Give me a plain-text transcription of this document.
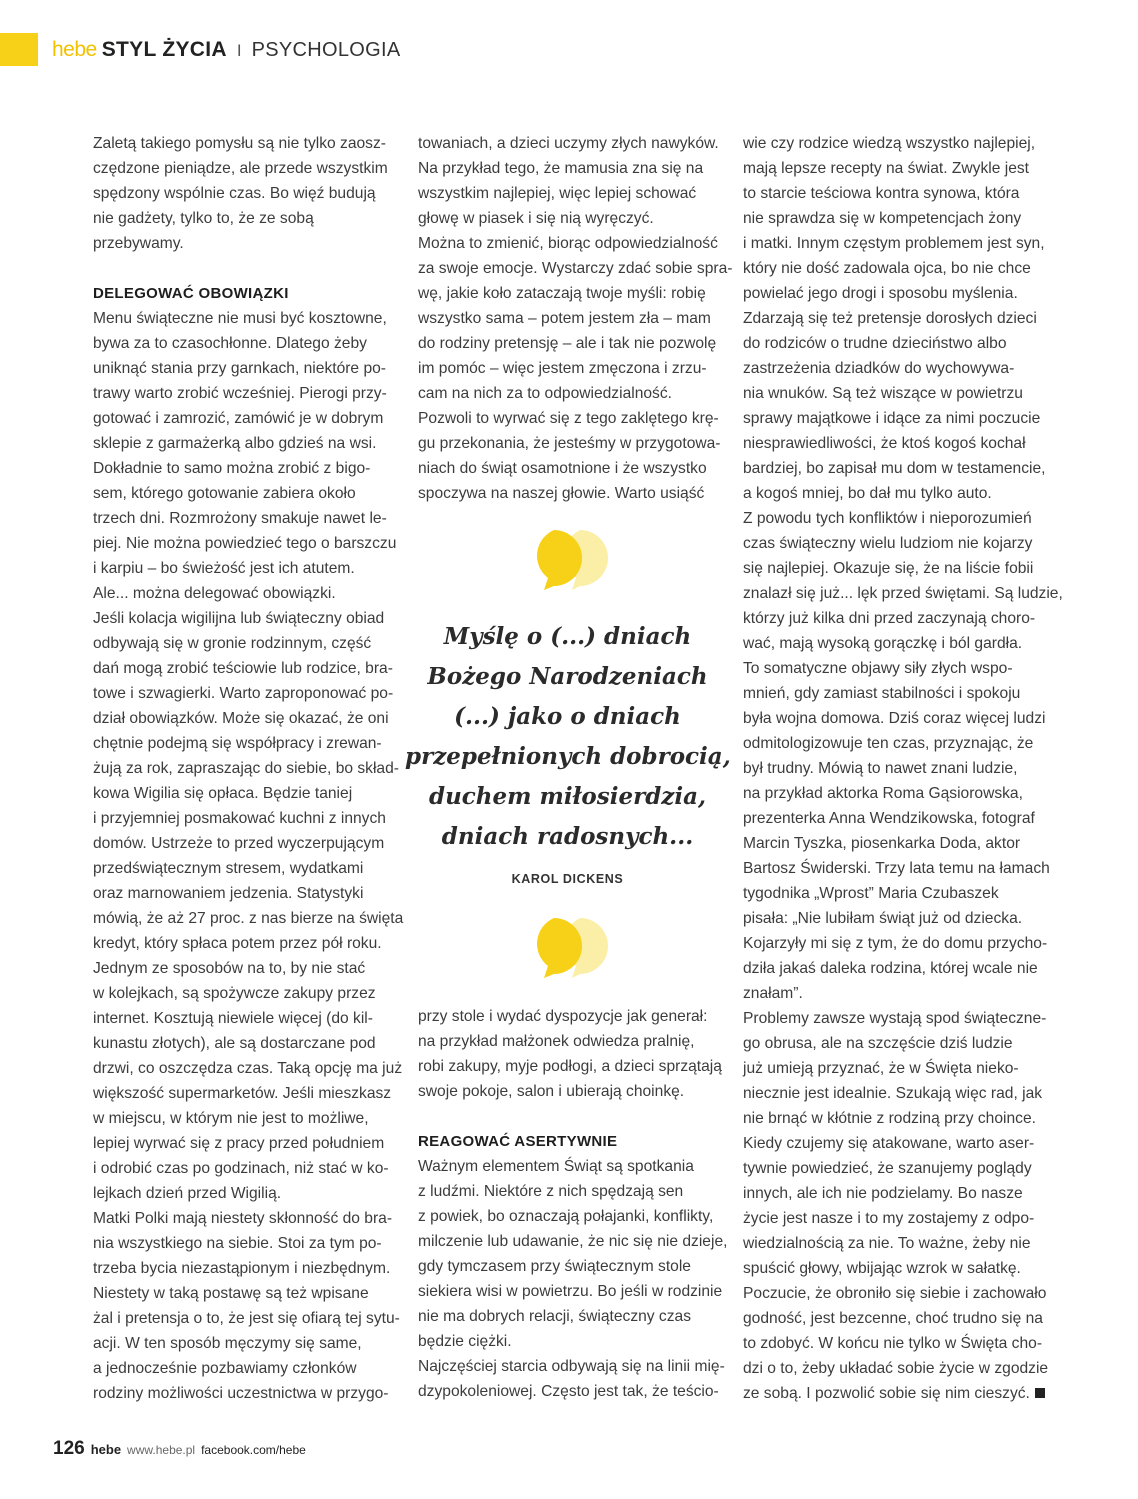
hebe STYL ŻYCIA I PSYCHOLOGIA

Zaletą takiego pomysłu są nie tylko zaosz-

czędzone pieniądze, ale przede wszystkim

spędzony wspólnie czas. Bo więź budują

nie gadżety, tylko to, że ze sobą

przebywamy.

DELEGOWAĆ OBOWIĄZKI

Menu świąteczne nie musi być kosztowne,

bywa za to czasochłonne. Dlatego żeby

uniknąć stania przy garnkach, niektóre po-

trawy warto zrobić wcześniej. Pierogi przy-

gotować i zamrozić, zamówić je w dobrym

sklepie z garmażerką albo gdzieś na wsi.

Dokładnie to samo można zrobić z bigo-

sem, którego gotowanie zabiera około

trzech dni. Rozmrożony smakuje nawet le-

piej. Nie można powiedzieć tego o barszczu

i karpiu – bo świeżość jest ich atutem.

Ale... można delegować obowiązki.

Jeśli kolacja wigilijna lub świąteczny obiad

odbywają się w gronie rodzinnym, część

dań mogą zrobić teściowie lub rodzice, bra-

towe i szwagierki. Warto zaproponować po-

dział obowiązków. Może się okazać, że oni

chętnie podejmą się współpracy i zrewan-

żują za rok, zapraszając do siebie, bo skład-

kowa Wigilia się opłaca. Będzie taniej

i przyjemniej posmakować kuchni z innych

domów. Ustrzeże to przed wyczerpującym

przedświątecznym stresem, wydatkami

oraz marnowaniem jedzenia. Statystyki

mówią, że aż 27 proc. z nas bierze na święta

kredyt, który spłaca potem przez pół roku.

Jednym ze sposobów na to, by nie stać

w kolejkach, są spożywcze zakupy przez

internet. Kosztują niewiele więcej (do kil-

kunastu złotych), ale są dostarczane pod

drzwi, co oszczędza czas. Taką opcję ma już

większość supermarketów. Jeśli mieszkasz

w miejscu, w którym nie jest to możliwe,

lepiej wyrwać się z pracy przed południem

i odrobić czas po godzinach, niż stać w ko-

lejkach dzień przed Wigilią.

Matki Polki mają niestety skłonność do bra-

nia wszystkiego na siebie. Stoi za tym po-

trzeba bycia niezastąpionym i niezbędnym.

Niestety w taką postawę są też wpisane

żal i pretensja o to, że jest się ofiarą tej sytu-

acji. W ten sposób męczymy się same,

a jednocześnie pozbawiamy członków

rodziny możliwości uczestnictwa w przygo-

towaniach, a dzieci uczymy złych nawyków.

Na przykład tego, że mamusia zna się na

wszystkim najlepiej, więc lepiej schować

głowę w piasek i się nią wyręczyć.

Można to zmienić, biorąc odpowiedzialność

za swoje emocje. Wystarczy zdać sobie spra-

wę, jakie koło zataczają twoje myśli: robię

wszystko sama – potem jestem zła – mam

do rodziny pretensję – ale i tak nie pozwolę

im pomóc – więc jestem zmęczona i zrzu-

cam na nich za to odpowiedzialność.

Pozwoli to wyrwać się z tego zaklętego krę-

gu przekonania, że jesteśmy w przygotowa-

niach do świąt osamotnione i że wszystko

spoczywa na naszej głowie. Warto usiąść

Myślę o (...) dniach
Bożego Narodzeniach
(...) jako o dniach
przepełnionych dobrocią,
duchem miłosierdzia,
dniach radosnych...
KAROL DICKENS

przy stole i wydać dyspozycje jak generał:

na przykład małżonek odwiedza pralnię,

robi zakupy, myje podłogi, a dzieci sprzątają

swoje pokoje, salon i ubierają choinkę.

REAGOWAĆ ASERTYWNIE

Ważnym elementem Świąt są spotkania

z ludźmi. Niektóre z nich spędzają sen

z powiek, bo oznaczają połajanki, konflikty,

milczenie lub udawanie, że nic się nie dzieje,

gdy tymczasem przy świątecznym stole

siekiera wisi w powietrzu. Bo jeśli w rodzinie

nie ma dobrych relacji, świąteczny czas

będzie ciężki.

Najczęściej starcia odbywają się na linii mię-

dzypokoleniowej. Często jest tak, że teścio-

wie czy rodzice wiedzą wszystko najlepiej,

mają lepsze recepty na świat. Zwykle jest

to starcie teściowa kontra synowa, która

nie sprawdza się w kompetencjach żony

i matki. Innym częstym problemem jest syn,

który nie dość zadowala ojca, bo nie chce

powielać jego drogi i sposobu myślenia.

Zdarzają się też pretensje dorosłych dzieci

do rodziców o trudne dzieciństwo albo

zastrzeżenia dziadków do wychowywa-

nia wnuków. Są też wiszące w powietrzu

sprawy majątkowe i idące za nimi poczucie

niesprawiedliwości, że ktoś kogoś kochał

bardziej, bo zapisał mu dom w testamencie,

a kogoś mniej, bo dał mu tylko auto.

Z powodu tych konfliktów i nieporozumień

czas świąteczny wielu ludziom nie kojarzy

się najlepiej. Okazuje się, że na liście fobii

znalazł się już... lęk przed świętami. Są ludzie,

którzy już kilka dni przed zaczynają choro-

wać, mają wysoką gorączkę i ból gardła.

To somatyczne objawy siły złych wspo-

mnień, gdy zamiast stabilności i spokoju

była wojna domowa. Dziś coraz więcej ludzi

odmitologizowuje ten czas, przyznając, że

był trudny. Mówią to nawet znani ludzie,

na przykład aktorka Roma Gąsiorowska,

prezenterka Anna Wendzikowska, fotograf

Marcin Tyszka, piosenkarka Doda, aktor

Bartosz Świderski. Trzy lata temu na łamach

tygodnika „Wprost” Maria Czubaszek

pisała: „Nie lubiłam świąt już od dziecka.

Kojarzyły mi się z tym, że do domu przycho-

dziła jakaś daleka rodzina, której wcale nie

znałam”.

Problemy zawsze wystają spod świąteczne-

go obrusa, ale na szczęście dziś ludzie

już umieją przyznać, że w Święta nieko-

niecznie jest idealnie. Szukają więc rad, jak

nie brnąć w kłótnie z rodziną przy choince.

Kiedy czujemy się atakowane, warto aser-

tywnie powiedzieć, że szanujemy poglądy

innych, ale ich nie podzielamy. Bo nasze

życie jest nasze i to my zostajemy z odpo-

wiedzialnością za nie. To ważne, żeby nie

spuścić głowy, wbijając wzrok w sałatkę.

Poczucie, że obroniło się siebie i zachowało

godność, jest bezcenne, choć trudno się na

to zdobyć. W końcu nie tylko w Święta cho-

dzi o to, żeby układać sobie życie w zgodzie

ze sobą. I pozwolić sobie się nim cieszyć.

126 hebe www.hebe.pl facebook.com/hebe
